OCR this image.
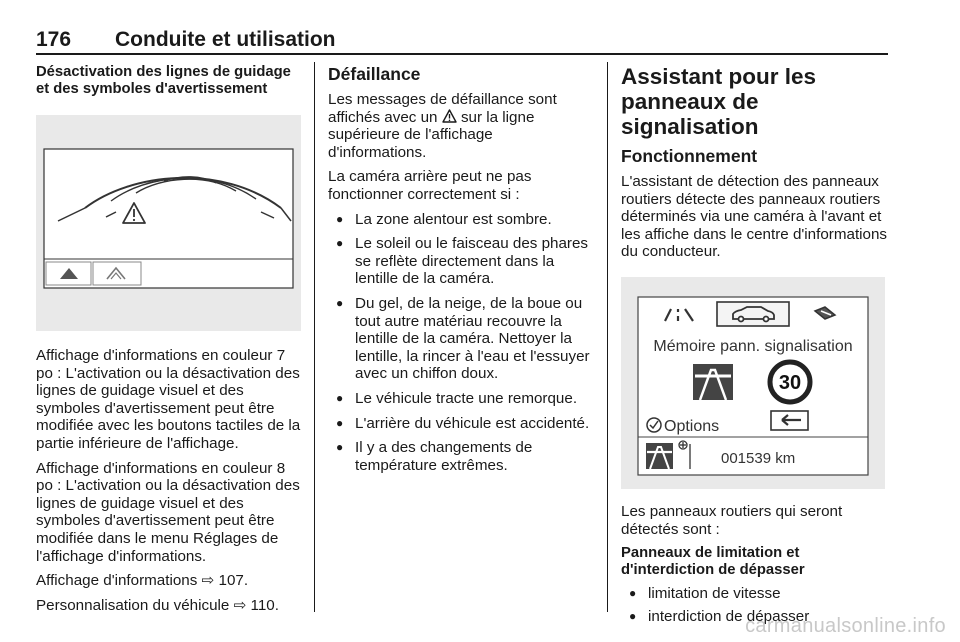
176 Conduite et utilisation

Désactivation des lignes de guidage et des symboles d'avertissement

Affichage d'informations en couleur 7 po : L'activation ou la désactivation des lignes de guidage visuel et des symboles d'avertissement peut être modifiée avec les boutons tactiles de la partie inférieure de l'affichage.

Affichage d'informations en couleur 8 po : L'activation ou la désactivation des lignes de guidage visuel et des symboles d'avertissement peut être modifiée dans le menu Réglages de l'affichage d'informations.

Affichage d'informations ⇨ 107.

Personnalisation du véhicule ⇨ 110.

Défaillance

Les messages de défaillance sont affichés avec un sur la ligne supérieure de l'affichage d'informations.

La caméra arrière peut ne pas fonctionner correctement si :

● La zone alentour est sombre.
● Le soleil ou le faisceau des phares se reflète directement dans la lentille de la caméra.
● Du gel, de la neige, de la boue ou tout autre matériau recouvre la lentille de la caméra. Nettoyer la lentille, la rincer à l'eau et l'essuyer avec un chiffon doux.
● Le véhicule tracte une remorque.
● L'arrière du véhicule est accidenté.
● Il y a des changements de température extrêmes.

Assistant pour les panneaux de signalisation

Fonctionnement

L'assistant de détection des panneaux routiers détecte des panneaux routiers déterminés via une caméra à l'avant et les affiche dans le centre d'informations du conducteur.

Mémoire pann. signalisation
30
Options
001539 km

Les panneaux routiers qui seront détectés sont :

Panneaux de limitation et d'interdiction de dépasser

● limitation de vitesse
● interdiction de dépasser
carmanualsonline.info
